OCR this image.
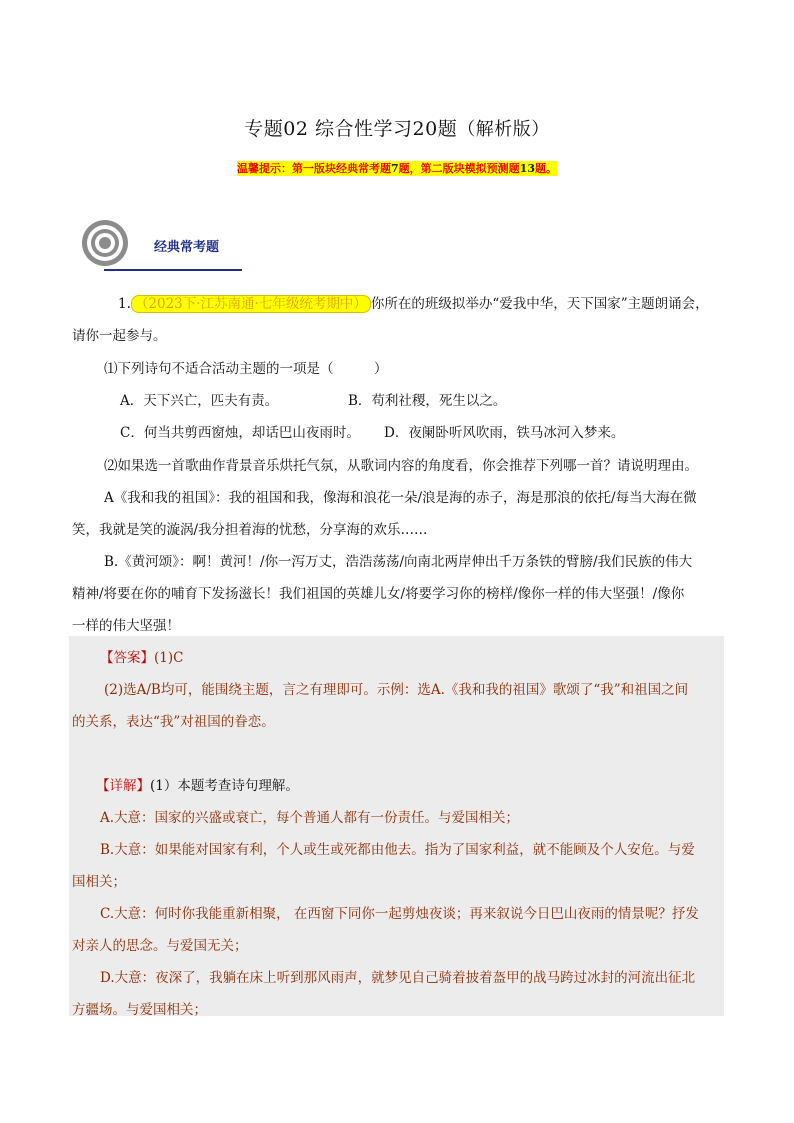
专题02 综合性学习20题（解析版）
温馨提示：第一版块经典常考题7题，第二版块模拟预测题13题。
经典常考题
1. （2023下·江苏南通·七年级统考期中） 你所在的班级拟举办“爱我中华，天下国家”主题朗诵会，
请你一起参与。
⑴下列诗句不适合活动主题的一项是（　　　）
A．天下兴亡，匹夫有责。	B．苟利社稷，死生以之。
C．何当共剪西窗烛，却话巴山夜雨时。	D．夜阑卧听风吹雨，铁马冰河入梦来。
⑵如果选一首歌曲作背景音乐烘托气氛，从歌词内容的角度看，你会推荐下列哪一首？请说明理由。
A《我和我的祖国》：我的祖国和我，像海和浪花一朵/浪是海的赤子，海是那浪的依托/每当大海在微
笑，我就是笑的漩涡/我分担着海的忧愁，分享海的欢乐……
B.《黄河颂》：啊！黄河！/你一泻万丈，浩浩荡荡/向南北两岸伸出千万条铁的臂膀/我们民族的伟大
精神/将要在你的哺育下发扬滋长！我们祖国的英雄儿女/将要学习你的榜样/像你一样的伟大坚强！/像你
一样的伟大坚强！
【答案】(1)C
(2)选A/B均可，能围绕主题，言之有理即可。示例：选A.《我和我的祖国》歌颂了“我”和祖国之间
的关系，表达“我”对祖国的眷恋。
【详解】(1）本题考查诗句理解。
A.大意：国家的兴盛或衰亡，每个普通人都有一份责任。与爱国相关；
B.大意：如果能对国家有利，个人或生或死都由他去。指为了国家利益，就不能顾及个人安危。与爱
国相关；
C.大意：何时你我能重新相聚， 在西窗下同你一起剪烛夜谈；再来叙说今日巴山夜雨的情景呢？抒发
对亲人的思念。与爱国无关；
D.大意：夜深了，我躺在床上听到那风雨声，就梦见自己骑着披着盔甲的战马跨过冰封的河流出征北
方疆场。与爱国相关；
